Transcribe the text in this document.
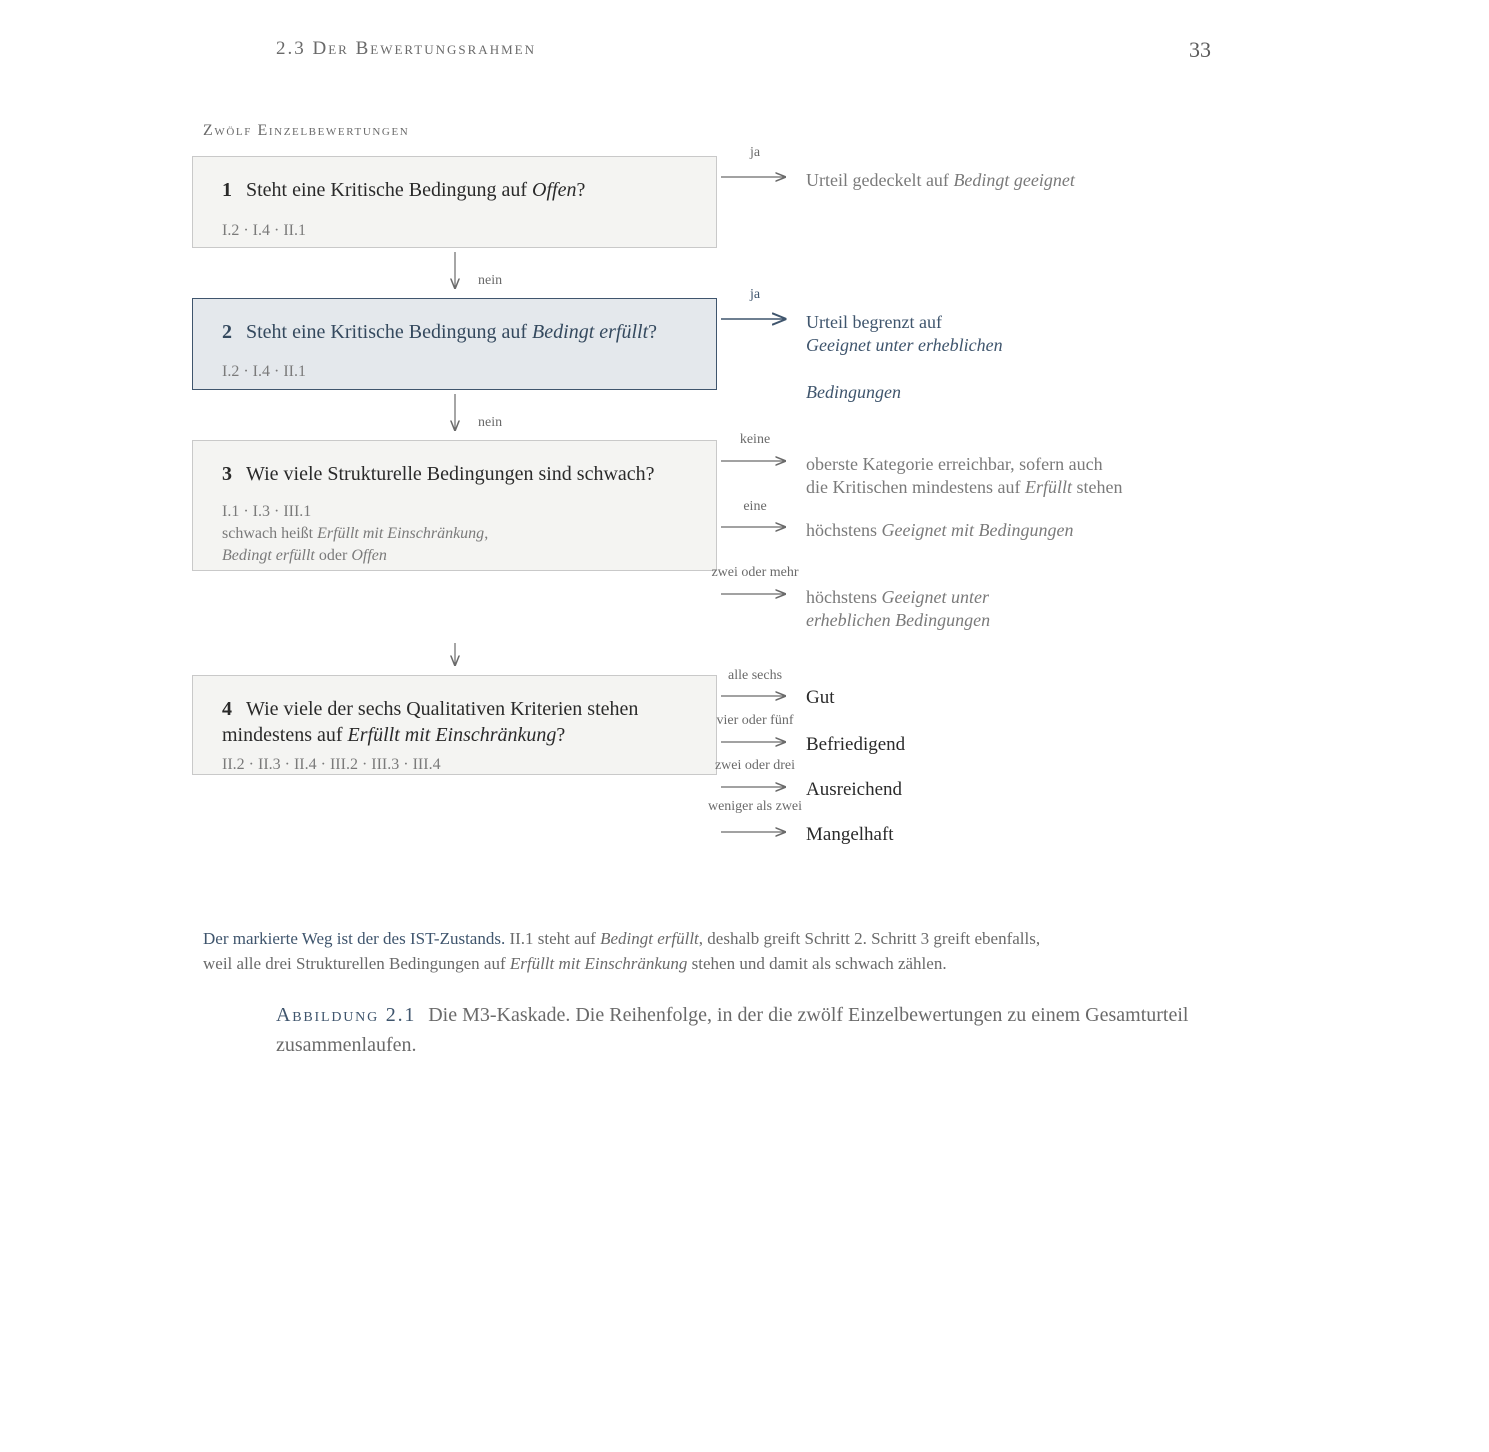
2.3 Der Bewertungsrahmen	33
Zwölf Einzelbewertungen
1 Steht eine Kritische Bedingung auf Offen?
I.2 · I.4 · II.1
ja
Urteil gedeckelt auf Bedingt geeignet
nein
2 Steht eine Kritische Bedingung auf Bedingt erfüllt?
I.2 · I.4 · II.1
ja
Urteil begrenzt auf
Geeignet unter erheblichen
Bedingungen
nein
3 Wie viele Strukturelle Bedingungen sind schwach?
I.1 · I.3 · III.1
schwach heißt Erfüllt mit Einschränkung,
Bedingt erfüllt oder Offen
keine
oberste Kategorie erreichbar, sofern auch
die Kritischen mindestens auf Erfüllt stehen
eine
höchstens Geeignet mit Bedingungen
zwei oder mehr
höchstens Geeignet unter
erheblichen Bedingungen
4 Wie viele der sechs Qualitativen Kriterien stehen
mindestens auf Erfüllt mit Einschränkung?
II.2 · II.3 · II.4 · III.2 · III.3 · III.4
alle sechs
Gut
vier oder fünf
Befriedigend
zwei oder drei
Ausreichend
weniger als zwei
Mangelhaft
Der markierte Weg ist der des IST-Zustands. II.1 steht auf Bedingt erfüllt, deshalb greift Schritt 2. Schritt 3 greift ebenfalls,
weil alle drei Strukturellen Bedingungen auf Erfüllt mit Einschränkung stehen und damit als schwach zählen.
Abbildung 2.1 Die M3-Kaskade. Die Reihenfolge, in der die zwölf Einzelbewertungen zu einem Gesamturteil zusammenlaufen.
